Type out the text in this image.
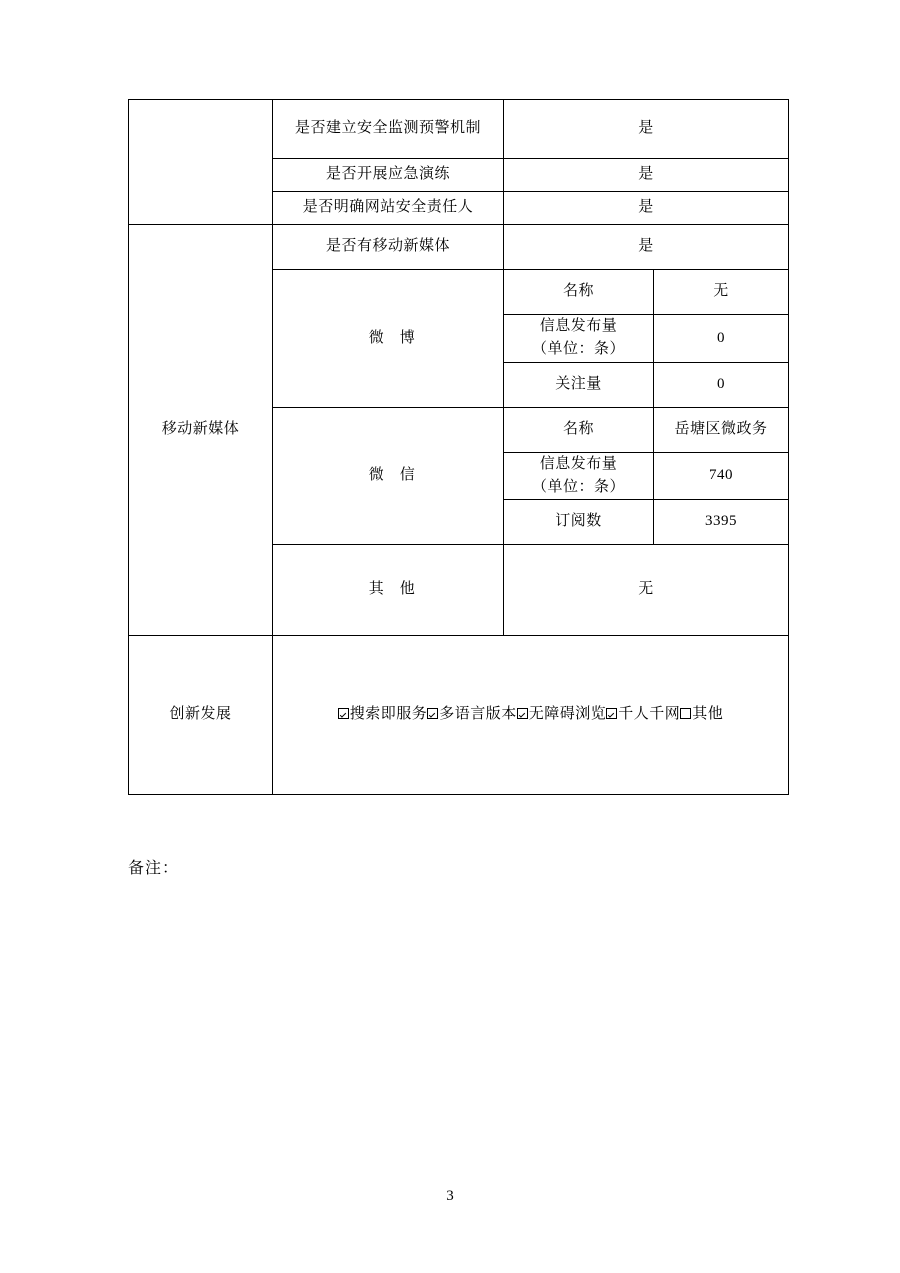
	是否建立安全监测预警机制	是	
	是否开展应急演练	是	
	是否明确网站安全责任人	是	
移动新媒体	是否有移动新媒体	是	
	微　博	名称	无

		信息发布量
（单位：条）	0
		关注量	0
	微　信	名称	岳塘区微政务

		信息发布量
（单位：条）	740
		订阅数	3395
	其　他	无	
创新发展	搜索即服务 多语言版本 无障碍浏览 千人千网 其他		
备注：
3
